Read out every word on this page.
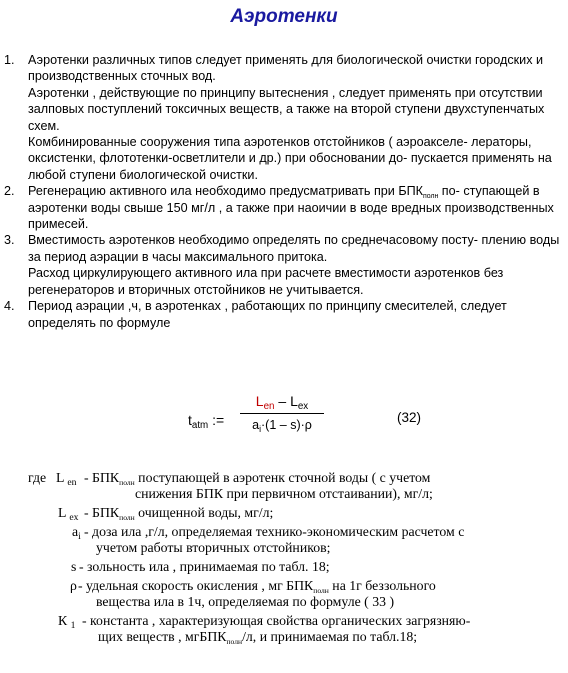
Аэротенки
1. Аэротенки различных типов следует применять для биологической очистки городских и производственных сточных вод.

Аэротенки , действующие по принципу вытеснения , следует применять при отсутствии залповых поступлений токсичных веществ, а также на второй ступени двухступенчатых схем.

Комбинированные сооружения типа аэротенков отстойников ( аэроакселе- лераторы, оксистенки, флототенки-осветлители и др.) при обосновании до- пускается применять на любой ступени биологической очистки.

2. Регенерацию активного ила необходимо предусматривать при $БПК_{полн}$ по- ступающей в аэротенки воды свыше 150 мг/л , а также при наоичии в воде вредных производственных примесей.

3. Вместимость аэротенков необходимо определять по среднечасовому посту- плению воды за период аэрации в часы максимального притока.

Расход циркулирующего активного ила при расчете вместимости аэротенков без регенераторов и вторичных отстойников не учитывается.

4. Период аэрации ,ч, в аэротенках , работающих по принципу смесителей, следует определять по формуле

$t_{atm}$ :=
$L_{en} - L_{ex}$
$a_i\cdot(1 - s)\cdot\rho$	(32)
где L $_{en} - БПК_{полн}$ поступающей в аэротенк сточной воды ( с учетом
снижения БПК при первичном отстаивании), мг/л;
L $_{ex} - БПК_{полн}$ очищенной воды, мг/л;
$a_i$ - доза ила ,г/л, определяемая технико-экономическим расчетом с
учетом работы вторичных отстойников;
s - зольность ила , принимаемая по табл. 18;
ρ - удельная скорость окисления , мг $БПК_{полн}$ на 1г беззольного
вещества ила в 1ч, определяемая по формуле ( 33 )
К $_1$ - константа , характеризующая свойства органических загрязняю-
щих веществ , мгБПК$_{полн}$/л, и принимаемая по табл.18;
